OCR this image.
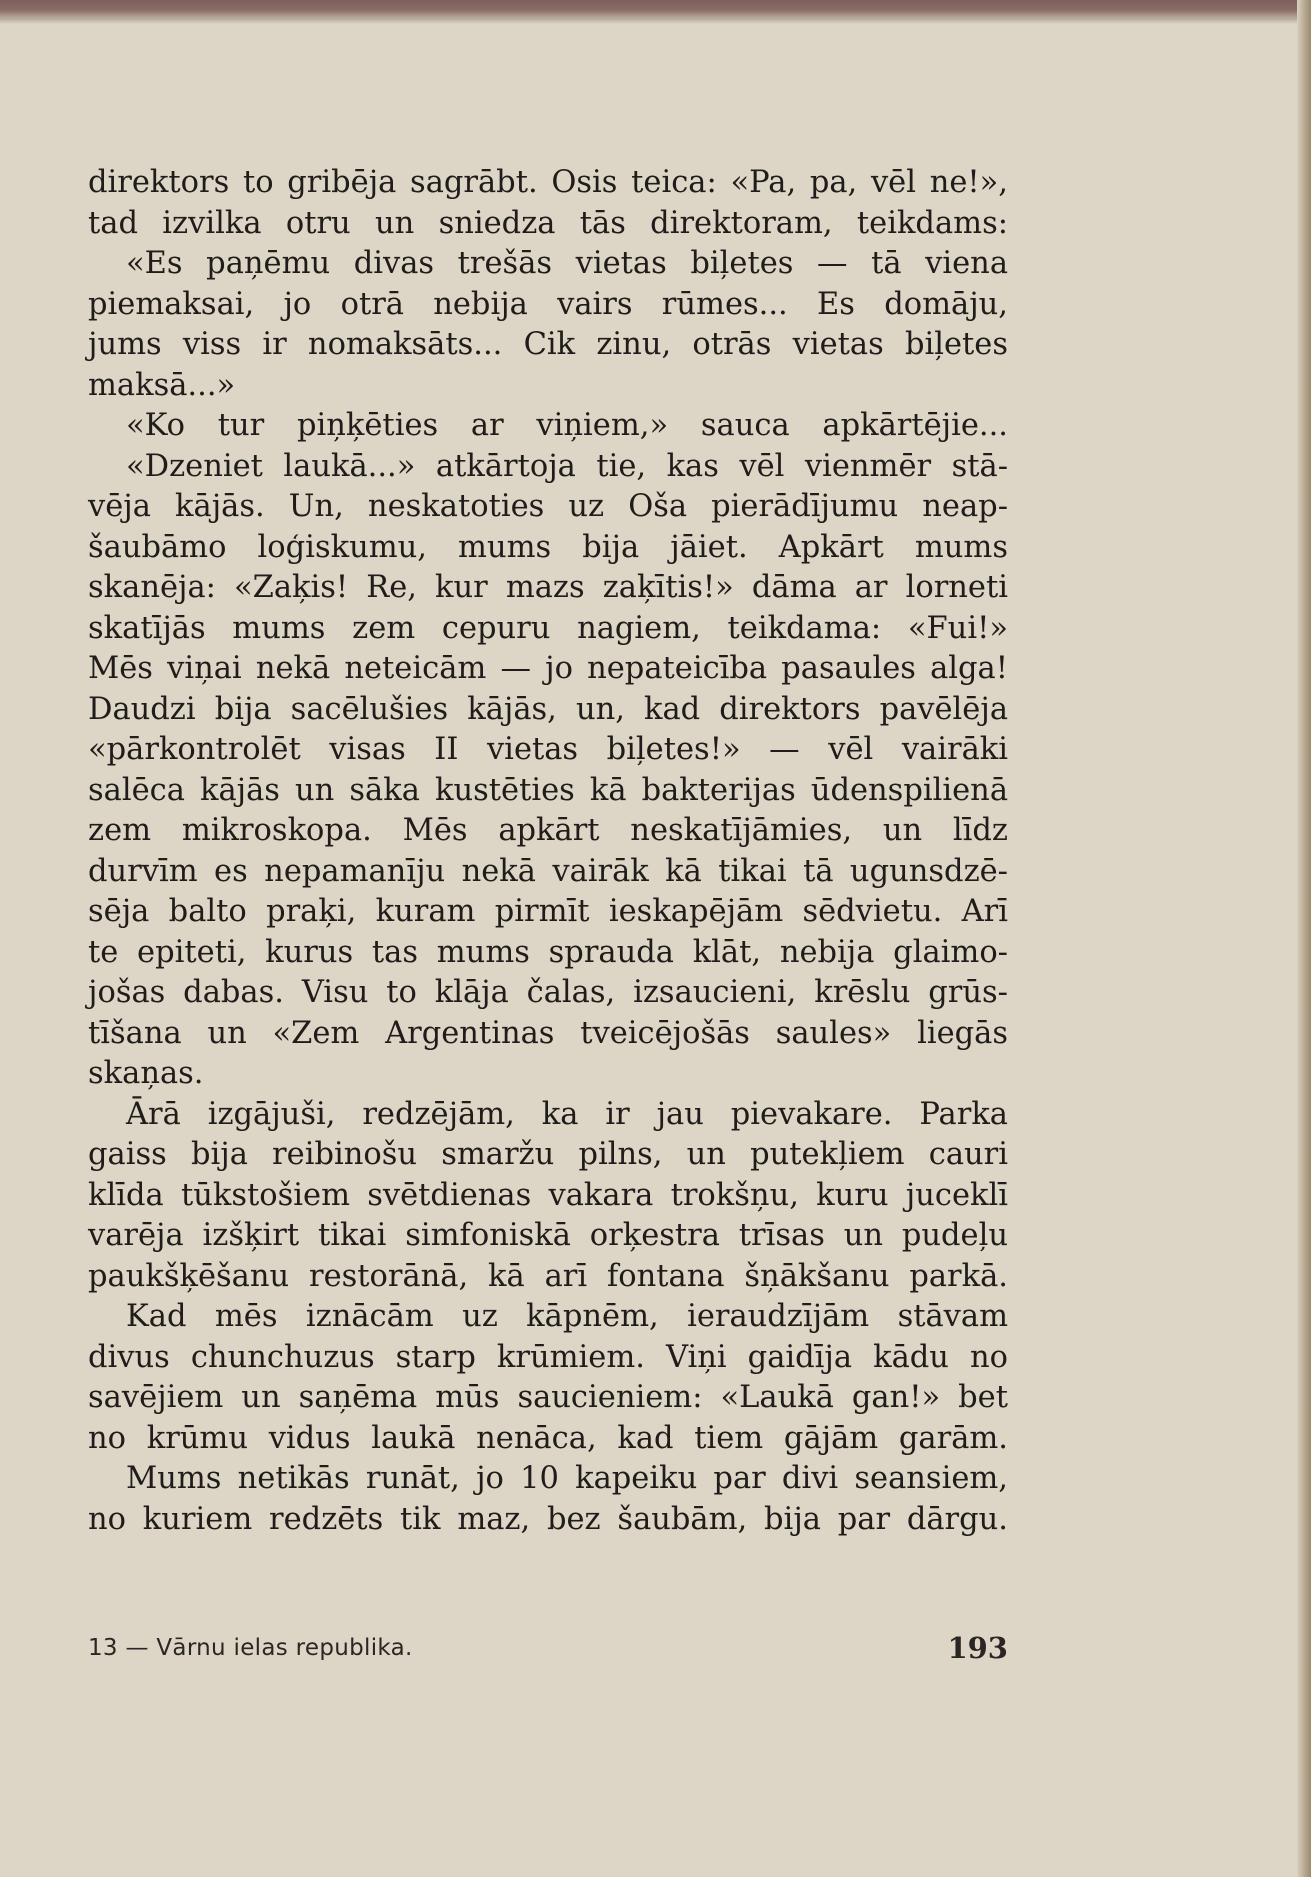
direktors to gribēja sagrābt. Osis teica: «Pa, pa, vēl ne!»,
tad izvilka otru un sniedza tās direktoram, teikdams:
«Es paņēmu divas trešās vietas biļetes — tā viena
piemaksai, jo otrā nebija vairs rūmes... Es domāju,
jums viss ir nomaksāts... Cik zinu, otrās vietas biļetes
maksā...»
«Ko tur piņķēties ar viņiem,» sauca apkārtējie...
«Dzeniet laukā...» atkārtoja tie, kas vēl vienmēr stā-
vēja kājās. Un, neskatoties uz Oša pierādījumu neap-
šaubāmo loģiskumu, mums bija jāiet. Apkārt mums
skanēja: «Zaķis! Re, kur mazs zaķītis!» dāma ar lorneti
skatījās mums zem cepuru nagiem, teikdama: «Fui!»
Mēs viņai nekā neteicām — jo nepateicība pasaules alga!
Daudzi bija sacēlušies kājās, un, kad direktors pavēlēja
«pārkontrolēt visas II vietas biļetes!» — vēl vairāki
salēca kājās un sāka kustēties kā bakterijas ūdenspilienā
zem mikroskopa. Mēs apkārt neskatījāmies, un līdz
durvīm es nepamanīju nekā vairāk kā tikai tā ugunsdzē-
sēja balto praķi, kuram pirmīt ieskapējām sēdvietu. Arī
te epiteti, kurus tas mums sprauda klāt, nebija glaimo-
jošas dabas. Visu to klāja čalas, izsaucieni, krēslu grūs-
tīšana un «Zem Argentinas tveicējošās saules» liegās
skaņas.
Ārā izgājuši, redzējām, ka ir jau pievakare. Parka
gaiss bija reibinošu smaržu pilns, un putekļiem cauri
klīda tūkstošiem svētdienas vakara trokšņu, kuru juceklī
varēja izšķirt tikai simfoniskā orķestra trīsas un pudeļu
paukšķēšanu restorānā, kā arī fontana šņākšanu parkā.
Kad mēs iznācām uz kāpnēm, ieraudzījām stāvam
divus chunchuzus starp krūmiem. Viņi gaidīja kādu no
savējiem un saņēma mūs saucieniem: «Laukā gan!» bet
no krūmu vidus laukā nenāca, kad tiem gājām garām.
Mums netikās runāt, jo 10 kapeiku par divi seansiem,
no kuriem redzēts tik maz, bez šaubām, bija par dārgu.
13 — Vārnu ielas republika.	193
